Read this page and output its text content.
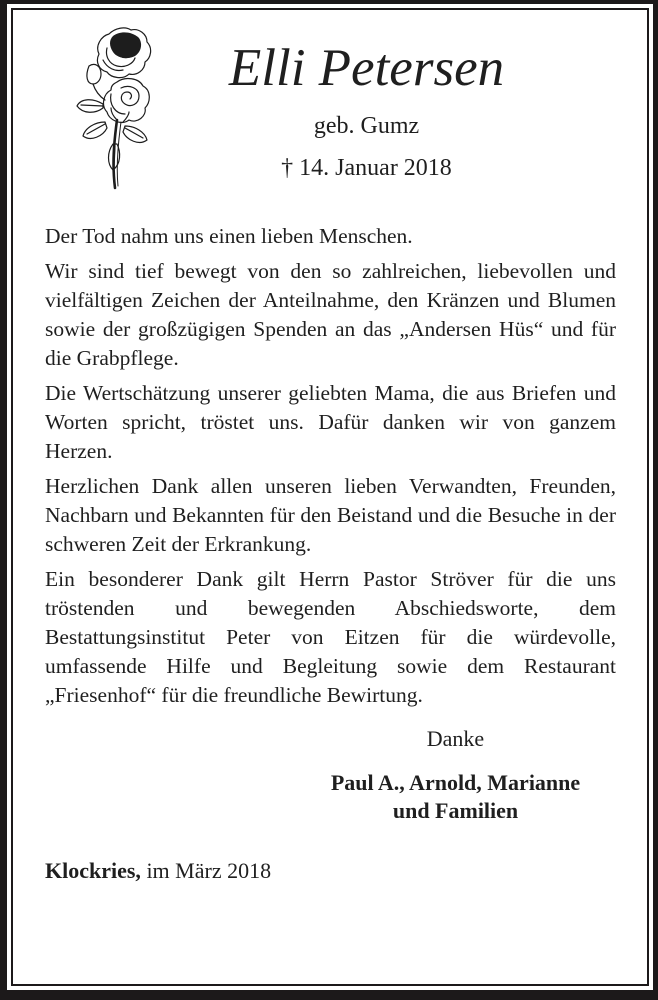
Elli Petersen
geb. Gumz
† 14. Januar 2018

Der Tod nahm uns einen lieben Menschen.

Wir sind tief bewegt von den so zahlreichen, liebevollen und vielfältigen Zeichen der Anteilnahme, den Kränzen und Blumen sowie der großzügigen Spenden an das „Andersen Hüs“ und für die Grabpflege.

Die Wertschätzung unserer geliebten Mama, die aus Briefen und Worten spricht, tröstet uns. Dafür danken wir von ganzem Herzen.

Herzlichen Dank allen unseren lieben Verwandten, Freunden, Nachbarn und Bekannten für den Beistand und die Besuche in der schweren Zeit der Erkrankung.

Ein besonderer Dank gilt Herrn Pastor Ströver für die uns tröstenden und bewegenden Abschiedsworte, dem Bestattungsinstitut Peter von Eitzen für die würdevolle, umfassende Hilfe und Begleitung sowie dem Restaurant „Friesenhof“ für die freundliche Bewirtung.

Danke
Paul A., Arnold, Marianne
und Familien
Klockries, im März 2018
